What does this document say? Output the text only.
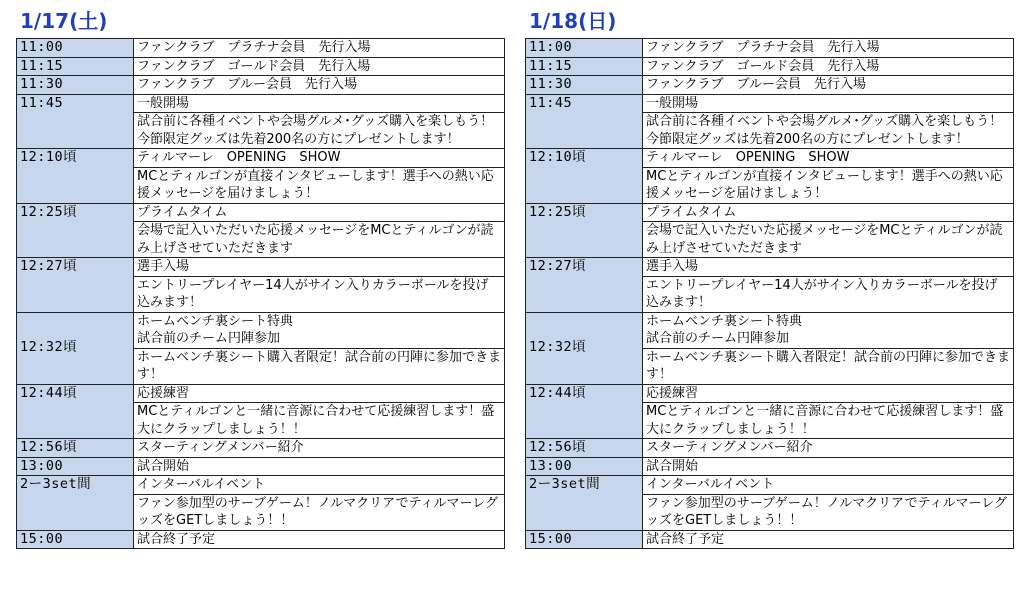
1/17(土)
11:00	ファンクラブ　プラチナ会員　先行入場
11:15	ファンクラブ　ゴールド会員　先行入場
11:30	ファンクラブ　ブルー会員　先行入場
11:45	一般開場
	試合前に各種イベントや会場グルメ･グッズ購入を楽しもう！今節限定グッズは先着200名の方にプレゼントします！
12:10頃	ティルマーレ　OPENING　SHOW
	MCとティルゴンが直接インタビューします！選手への熱い応援メッセージを届けましょう！
12:25頃	プライムタイム
	会場で記入いただいた応援メッセージをMCとティルゴンが読み上げさせていただきます
12:27頃	選手入場
	エントリープレイヤー14人がサイン入りカラーボールを投げ込みます！
12:32頃	ホームベンチ裏シート特典
試合前のチーム円陣参加
	ホームベンチ裏シート購入者限定！試合前の円陣に参加できます！
12:44頃	応援練習
	MCとティルゴンと一緒に音源に合わせて応援練習します！盛大にクラップしましょう！！
12:56頃	スターティングメンバー紹介
13:00	試合開始
2ー3set間	インターバルイベント
	ファン参加型のサーブゲーム！ノルマクリアでティルマーレグッズをGETしましょう！！
15:00	試合終了予定
1/18(日)
11:00	ファンクラブ　プラチナ会員　先行入場
11:15	ファンクラブ　ゴールド会員　先行入場
11:30	ファンクラブ　ブルー会員　先行入場
11:45	一般開場
	試合前に各種イベントや会場グルメ･グッズ購入を楽しもう！今節限定グッズは先着200名の方にプレゼントします！
12:10頃	ティルマーレ　OPENING　SHOW
	MCとティルゴンが直接インタビューします！選手への熱い応援メッセージを届けましょう！
12:25頃	プライムタイム
	会場で記入いただいた応援メッセージをMCとティルゴンが読み上げさせていただきます
12:27頃	選手入場
	エントリープレイヤー14人がサイン入りカラーボールを投げ込みます！
12:32頃	ホームベンチ裏シート特典
試合前のチーム円陣参加
	ホームベンチ裏シート購入者限定！試合前の円陣に参加できます！
12:44頃	応援練習
	MCとティルゴンと一緒に音源に合わせて応援練習します！盛大にクラップしましょう！！
12:56頃	スターティングメンバー紹介
13:00	試合開始
2ー3set間	インターバルイベント
	ファン参加型のサーブゲーム！ノルマクリアでティルマーレグッズをGETしましょう！！
15:00	試合終了予定
